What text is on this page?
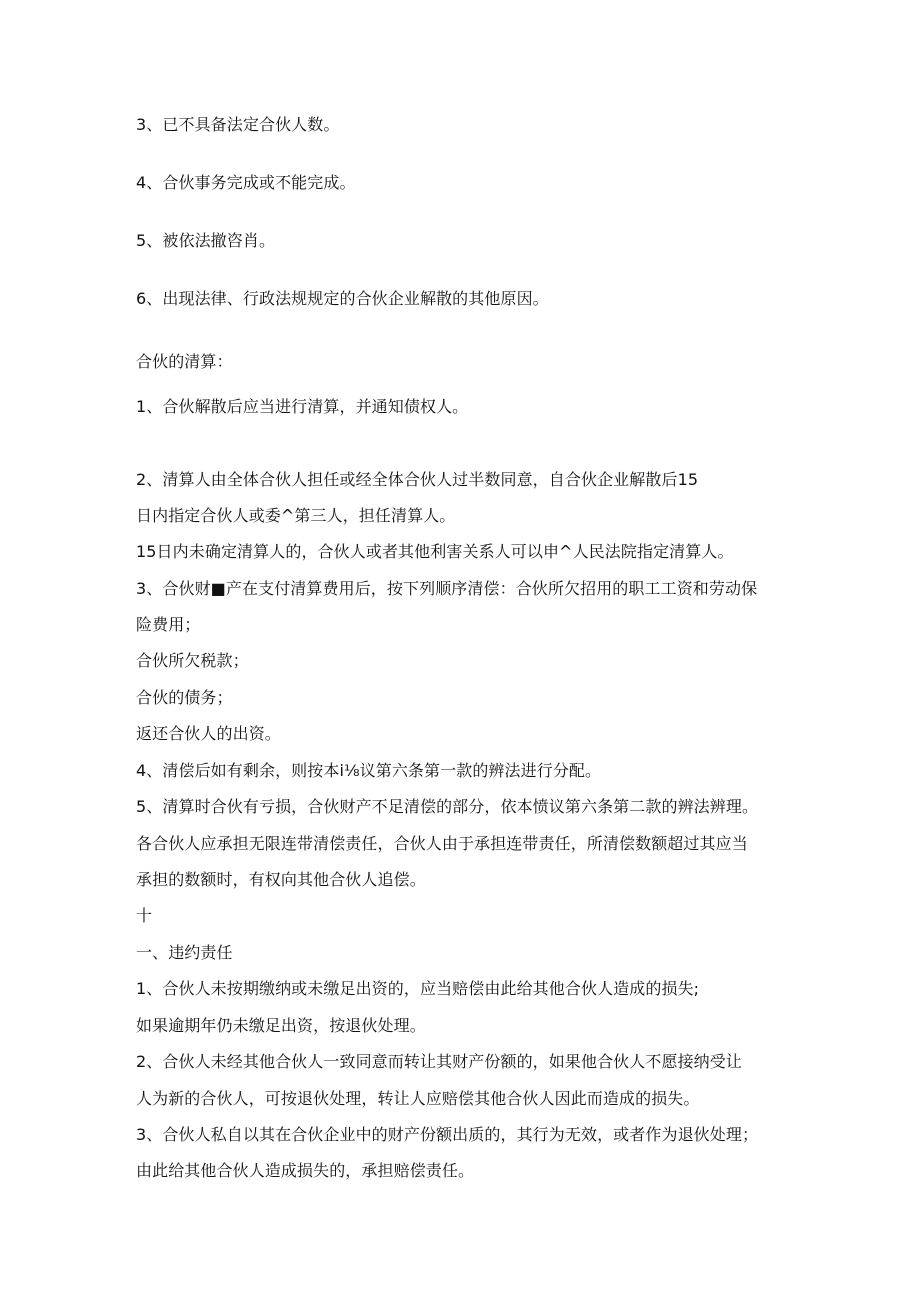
3、已不具备法定合伙人数。
4、合伙事务完成或不能完成。
5、被依法撤咨肖。
6、出现法律、行政法规规定的合伙企业解散的其他原因。
合伙的清算：
1、合伙解散后应当进行清算，并通知债权人。
2、清算人由全体合伙人担任或经全体合伙人过半数同意，自合伙企业解散后15
日内指定合伙人或委^第三人，担任清算人。
15日内未确定清算人的，合伙人或者其他利害关系人可以申^人民法院指定清算人。
3、合伙财■产在支付清算费用后，按下列顺序清偿：合伙所欠招用的职工工资和劳动保
险费用；
合伙所欠税款；
合伙的债务；
返还合伙人的出资。
4、清偿后如有剩余，则按本i⅛议第六条第一款的辨法进行分配。
5、清算时合伙有亏损，合伙财产不足清偿的部分，依本愤议第六条第二款的辨法辨理。
各合伙人应承担无限连带清偿责任，合伙人由于承担连带责任，所清偿数额超过其应当
承担的数额时，有权向其他合伙人追偿。
十
一、违约责任
1、合伙人未按期缴纳或未缴足出资的，应当赔偿由此给其他合伙人造成的损失;
如果逾期年仍未缴足出资，按退伙处理。
2、合伙人未经其他合伙人一致同意而转让其财产份额的，如果他合伙人不愿接纳受让
人为新的合伙人，可按退伙处理，转让人应赔偿其他合伙人因此而造成的损失。
3、合伙人私自以其在合伙企业中的财产份额出质的，其行为无效，或者作为退伙处理；
由此给其他合伙人造成损失的，承担赔偿责任。
